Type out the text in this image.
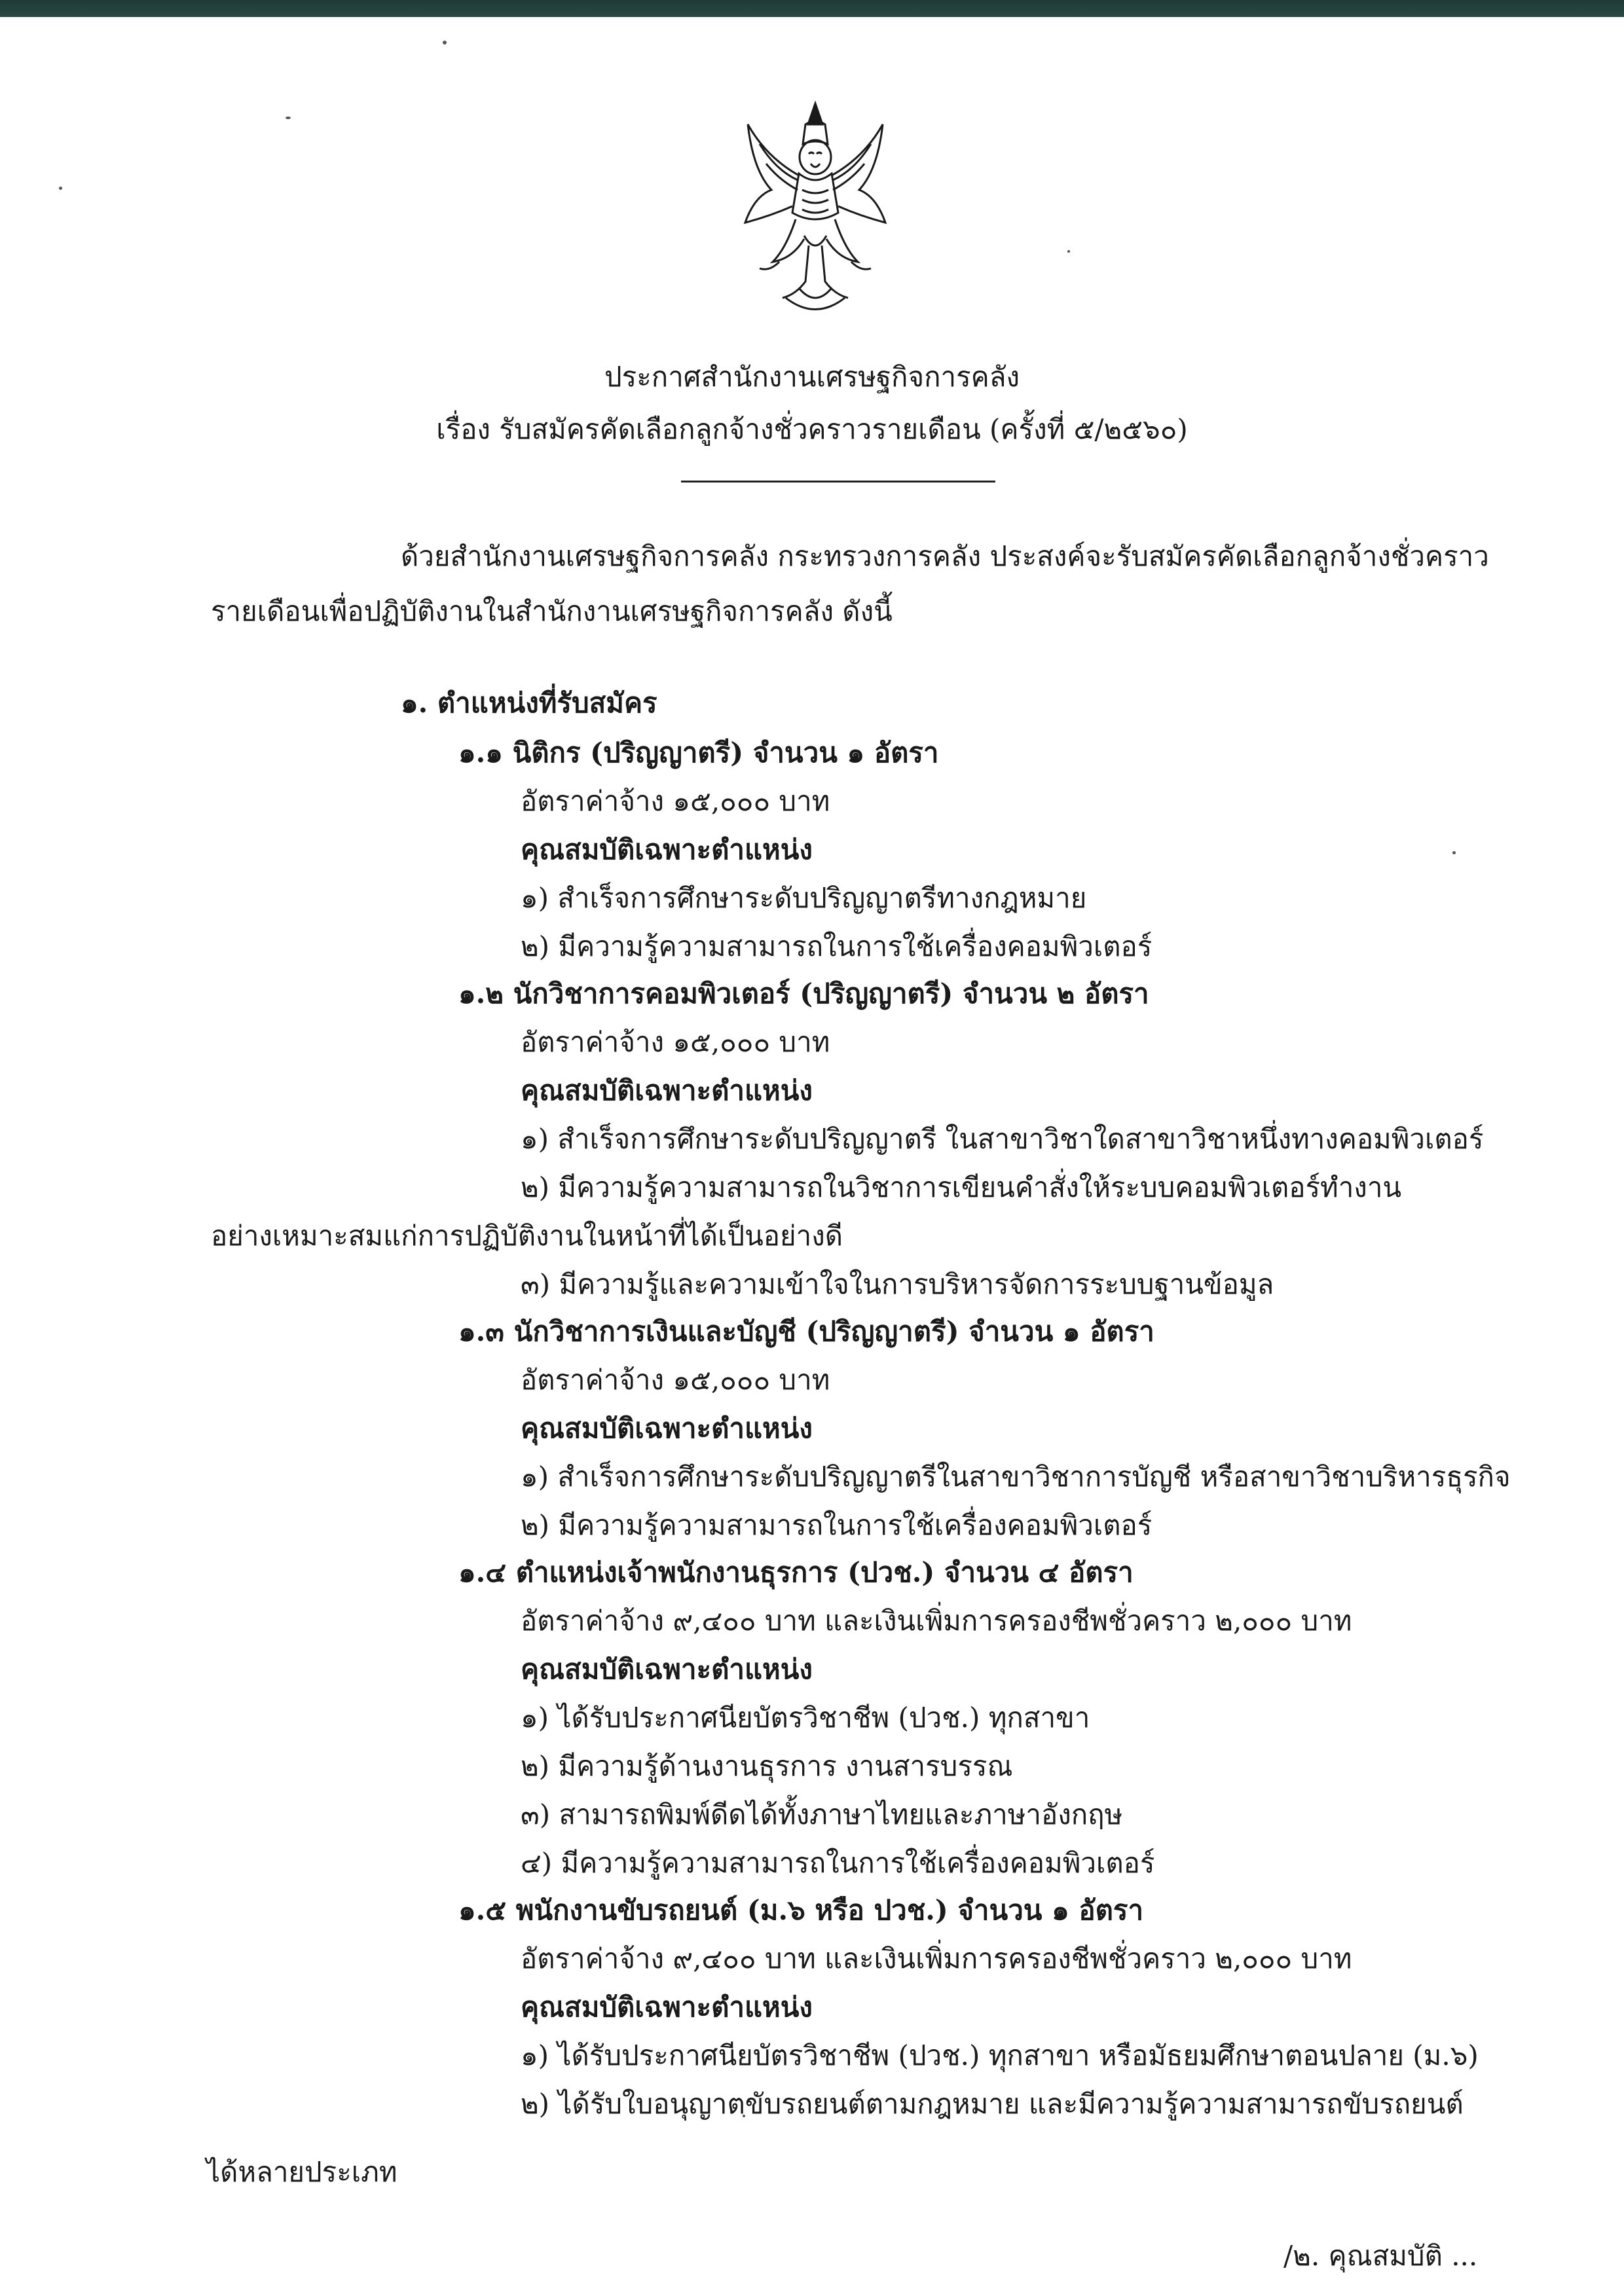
ประกาศสำนักงานเศรษฐกิจการคลัง
เรื่อง รับสมัครคัดเลือกลูกจ้างชั่วคราวรายเดือน (ครั้งที่ ๕/๒๕๖๐)
ด้วยสำนักงานเศรษฐกิจการคลัง กระทรวงการคลัง ประสงค์จะรับสมัครคัดเลือกลูกจ้างชั่วคราว
รายเดือนเพื่อปฏิบัติงานในสำนักงานเศรษฐกิจการคลัง ดังนี้
๑. ตำแหน่งที่รับสมัคร
๑.๑ นิติกร (ปริญญาตรี) จำนวน ๑ อัตรา
อัตราค่าจ้าง ๑๕,๐๐๐ บาท
คุณสมบัติเฉพาะตำแหน่ง
๑) สำเร็จการศึกษาระดับปริญญาตรีทางกฎหมาย
๒) มีความรู้ความสามารถในการใช้เครื่องคอมพิวเตอร์
๑.๒ นักวิชาการคอมพิวเตอร์ (ปริญญาตรี) จำนวน ๒ อัตรา
อัตราค่าจ้าง ๑๕,๐๐๐ บาท
คุณสมบัติเฉพาะตำแหน่ง
๑) สำเร็จการศึกษาระดับปริญญาตรี ในสาขาวิชาใดสาขาวิชาหนึ่งทางคอมพิวเตอร์
๒) มีความรู้ความสามารถในวิชาการเขียนคำสั่งให้ระบบคอมพิวเตอร์ทำงาน
อย่างเหมาะสมแก่การปฏิบัติงานในหน้าที่ได้เป็นอย่างดี
๓) มีความรู้และความเข้าใจในการบริหารจัดการระบบฐานข้อมูล
๑.๓ นักวิชาการเงินและบัญชี (ปริญญาตรี) จำนวน ๑ อัตรา
อัตราค่าจ้าง ๑๕,๐๐๐ บาท
คุณสมบัติเฉพาะตำแหน่ง
๑) สำเร็จการศึกษาระดับปริญญาตรีในสาขาวิชาการบัญชี หรือสาขาวิชาบริหารธุรกิจ
๒) มีความรู้ความสามารถในการใช้เครื่องคอมพิวเตอร์
๑.๔ ตำแหน่งเจ้าพนักงานธุรการ (ปวช.) จำนวน ๔ อัตรา
อัตราค่าจ้าง ๙,๔๐๐ บาท และเงินเพิ่มการครองชีพชั่วคราว ๒,๐๐๐ บาท
คุณสมบัติเฉพาะตำแหน่ง
๑) ได้รับประกาศนียบัตรวิชาชีพ (ปวช.) ทุกสาขา
๒) มีความรู้ด้านงานธุรการ งานสารบรรณ
๓) สามารถพิมพ์ดีดได้ทั้งภาษาไทยและภาษาอังกฤษ
๔) มีความรู้ความสามารถในการใช้เครื่องคอมพิวเตอร์
๑.๕ พนักงานขับรถยนต์ (ม.๖ หรือ ปวช.) จำนวน ๑ อัตรา
อัตราค่าจ้าง ๙,๔๐๐ บาท และเงินเพิ่มการครองชีพชั่วคราว ๒,๐๐๐ บาท
คุณสมบัติเฉพาะตำแหน่ง
๑) ได้รับประกาศนียบัตรวิชาชีพ (ปวช.) ทุกสาขา หรือมัธยมศึกษาตอนปลาย (ม.๖)
๒) ได้รับใบอนุญาตขับรถยนต์ตามกฎหมาย และมีความรู้ความสามารถขับรถยนต์
ได้หลายประเภท
/๒. คุณสมบัติ ...
